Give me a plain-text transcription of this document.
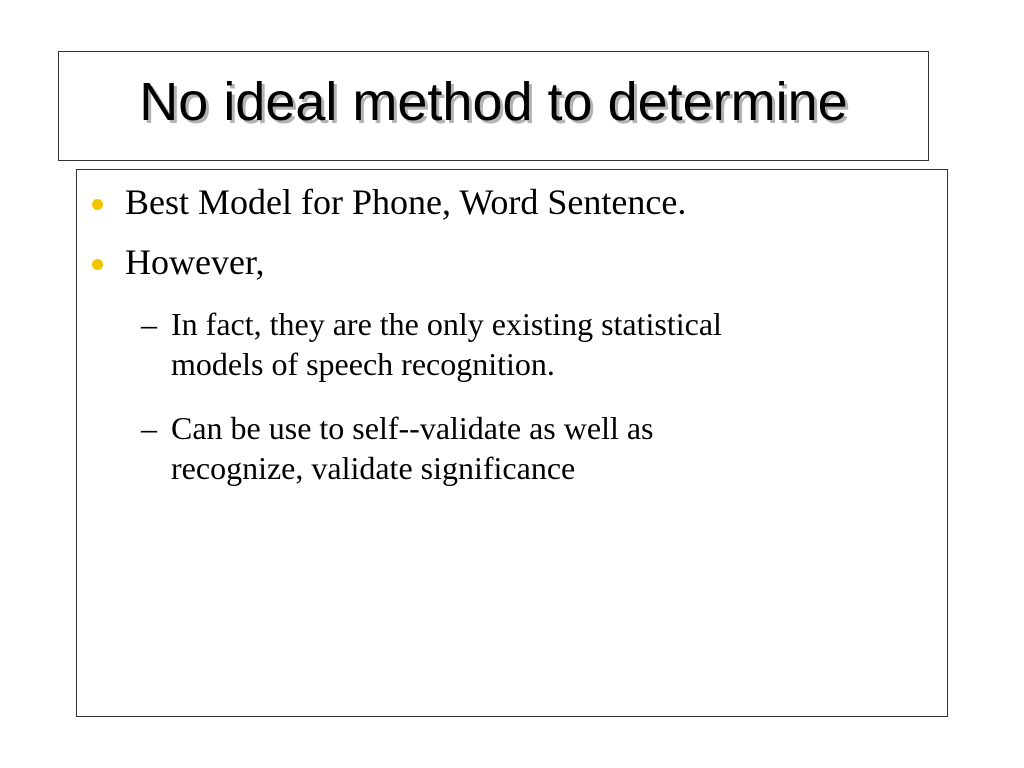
No ideal method to determine
Best Model for Phone, Word Sentence.
However,
– In fact, they are the only existing statistical
models of speech recognition.
– Can be use to self--validate as well as
recognize, validate significance
